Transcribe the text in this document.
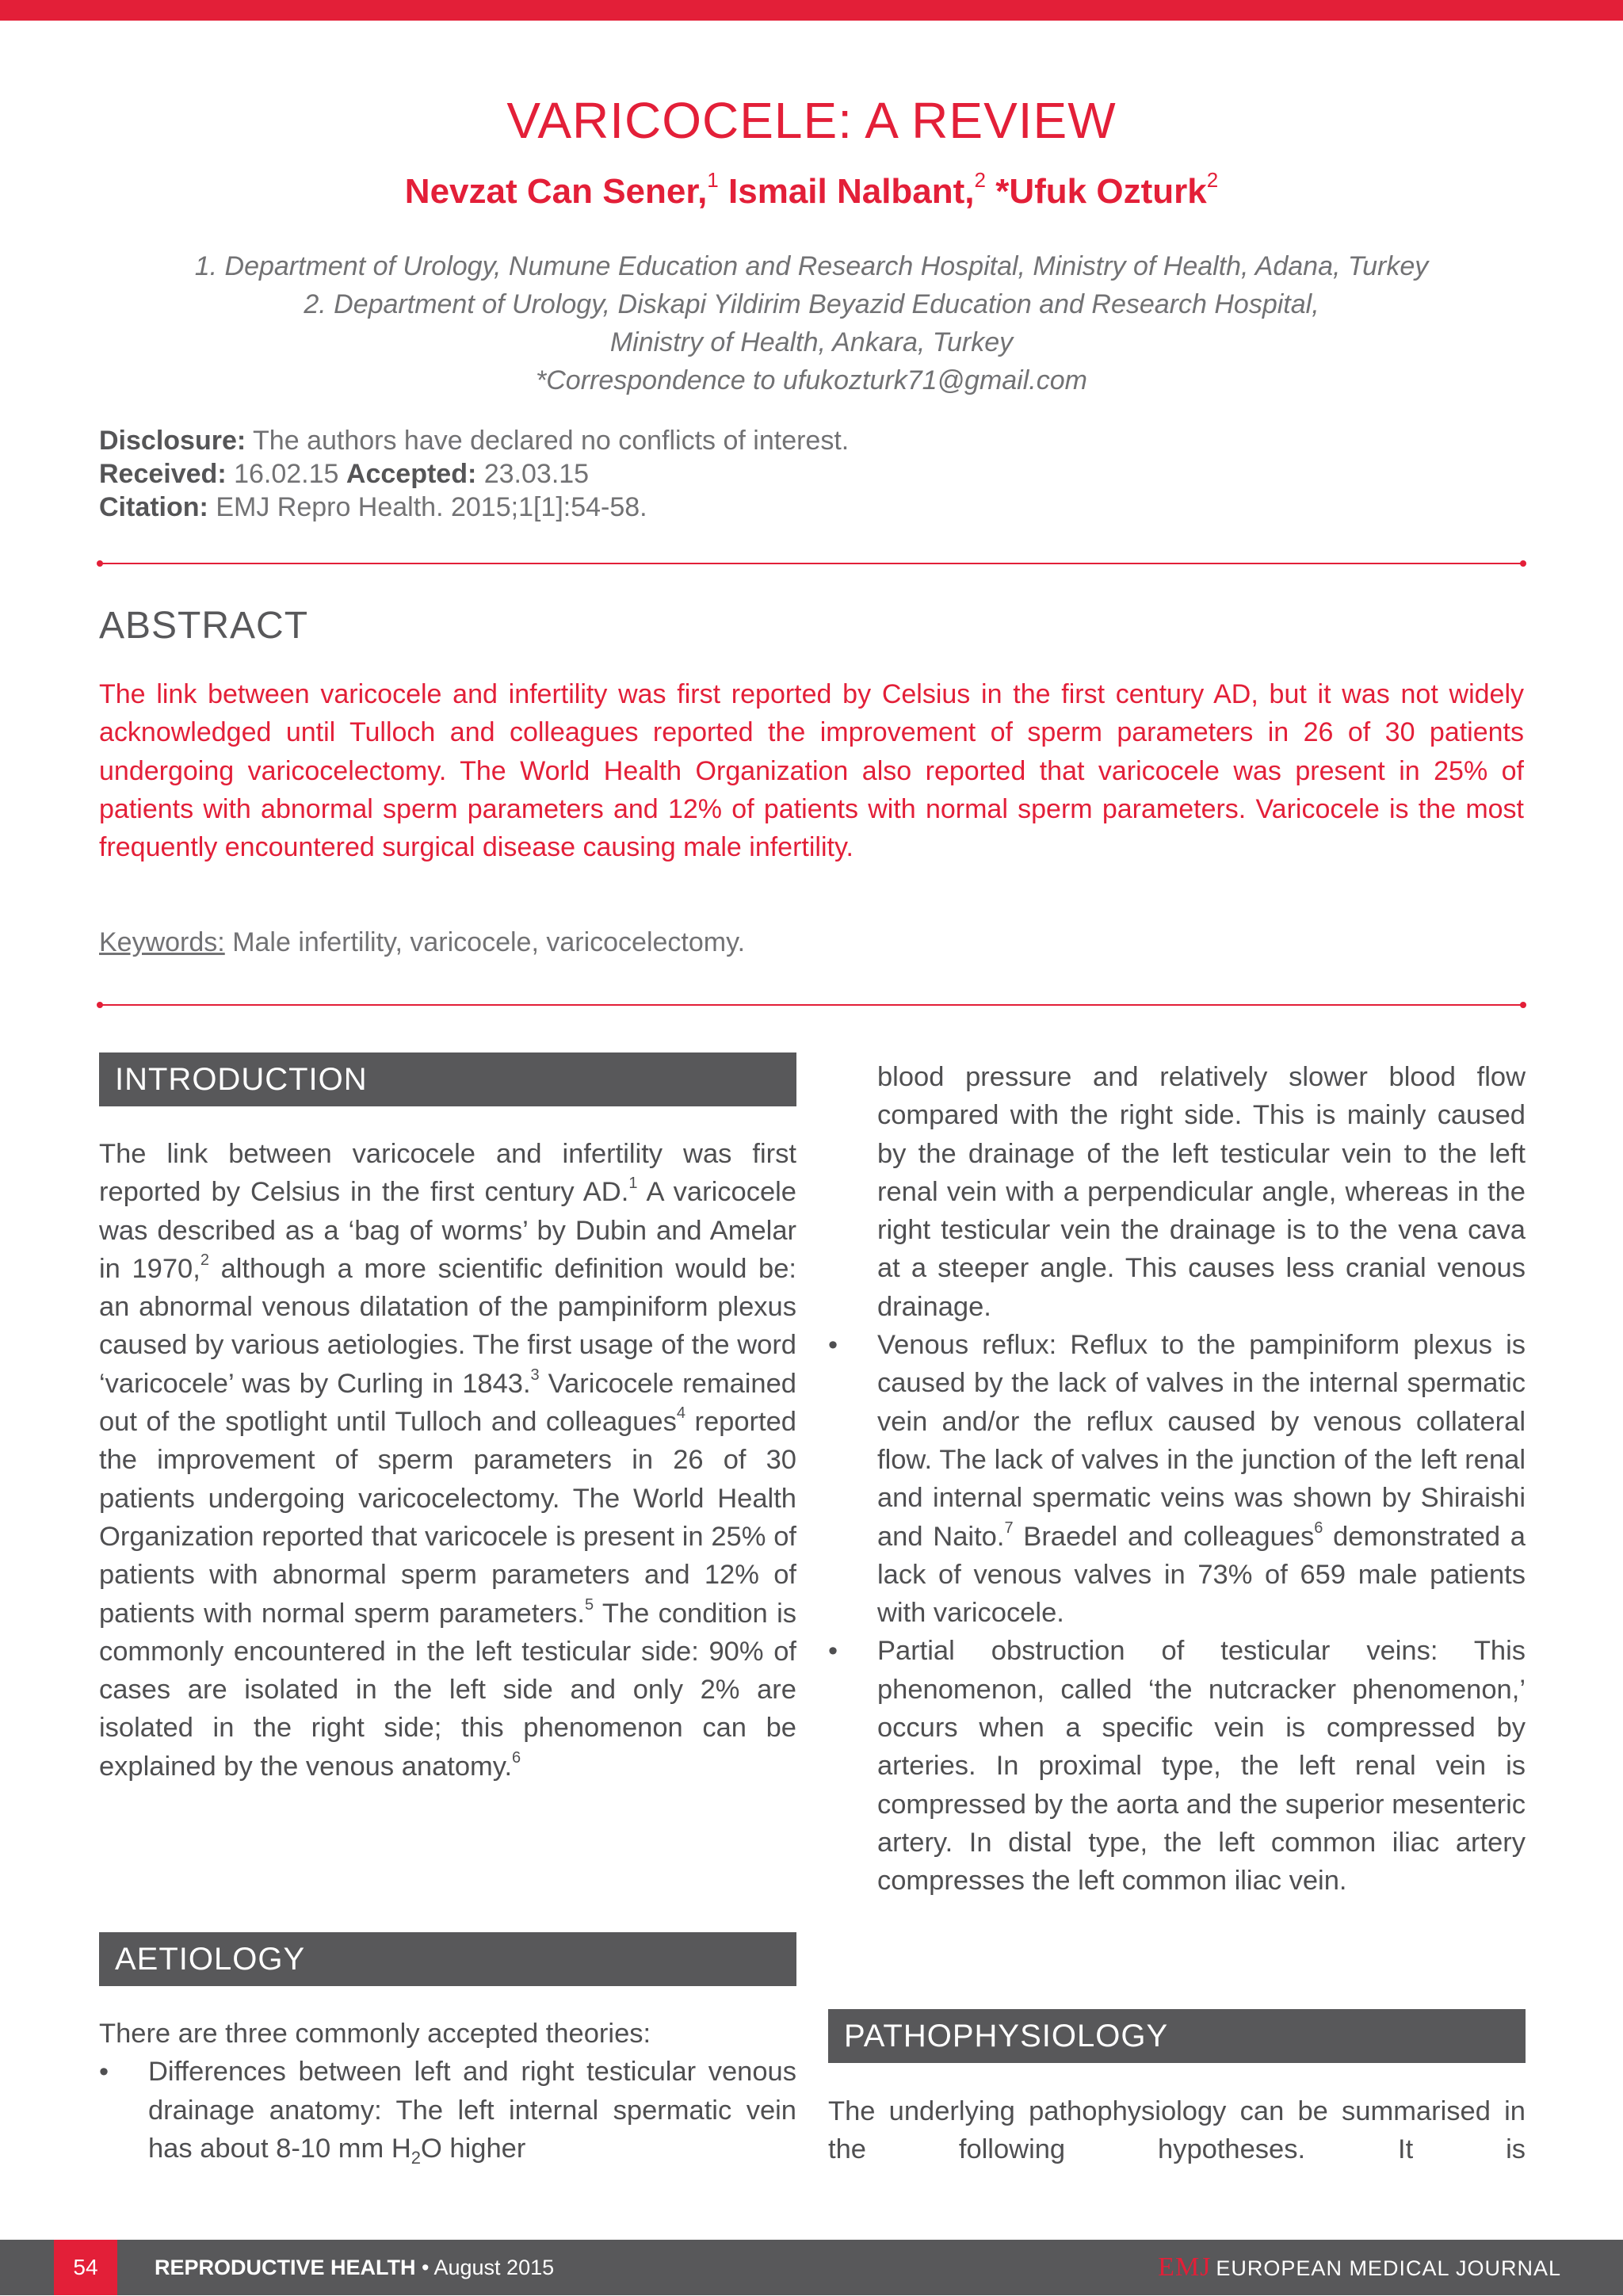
VARICOCELE: A REVIEW
Nevzat Can Sener,$^1$ Ismail Nalbant,$^2$ *Ufuk Ozturk$^2$
1. Department of Urology, Numune Education and Research Hospital, Ministry of Health, Adana, Turkey
2. Department of Urology, Diskapi Yildirim Beyazid Education and Research Hospital,
Ministry of Health, Ankara, Turkey
*Correspondence to ufukozturk71@gmail.com
Disclosure: The authors have declared no conflicts of interest.
Received: 16.02.15 Accepted: 23.03.15
Citation: EMJ Repro Health. 2015;1[1]:54-58.
ABSTRACT
The link between varicocele and infertility was first reported by Celsius in the first century AD, but it was not widely acknowledged until Tulloch and colleagues reported the improvement of sperm parameters in 26 of 30 patients undergoing varicocelectomy. The World Health Organization also reported that varicocele was present in 25% of patients with abnormal sperm parameters and 12% of patients with normal sperm parameters. Varicocele is the most frequently encountered surgical disease causing male infertility.
Keywords: Male infertility, varicocele, varicocelectomy.
INTRODUCTION

The link between varicocele and infertility was first reported by Celsius in the first century AD.$^1$ A varicocele was described as a ‘bag of worms’ by Dubin and Amelar in 1970,$^2$ although a more scientific definition would be: an abnormal venous dilatation of the pampiniform plexus caused by various aetiologies. The first usage of the word ‘varicocele’ was by Curling in 1843.$^3$ Varicocele remained out of the spotlight until Tulloch and colleagues$^4$ reported the improvement of sperm parameters in 26 of 30 patients undergoing varicocelectomy. The World Health Organization reported that varicocele is present in 25% of patients with abnormal sperm parameters and 12% of patients with normal sperm parameters.$^5$ The condition is commonly encountered in the left testicular side: 90% of cases are isolated in the left side and only 2% are isolated in the right side; this phenomenon can be explained by the venous anatomy.$^6$

AETIOLOGY

There are three commonly accepted theories:

• Differences between left and right testicular venous drainage anatomy: The left internal spermatic vein has about 8-10 mm $H_2O$ higher
blood pressure and relatively slower blood flow compared with the right side. This is mainly caused by the drainage of the left testicular vein to the left renal vein with a perpendicular angle, whereas in the right testicular vein the drainage is to the vena cava at a steeper angle. This causes less cranial venous drainage.
• Venous reflux: Reflux to the pampiniform plexus is caused by the lack of valves in the internal spermatic vein and/or the reflux caused by venous collateral flow. The lack of valves in the junction of the left renal and internal spermatic veins was shown by Shiraishi and Naito.$^7$ Braedel and colleagues$^6$ demonstrated a lack of venous valves in 73% of 659 male patients with varicocele.
• Partial obstruction of testicular veins: This phenomenon, called ‘the nutcracker phenomenon,’ occurs when a specific vein is compressed by arteries. In proximal type, the left renal vein is compressed by the aorta and the superior mesenteric artery. In distal type, the left common iliac artery compresses the left common iliac vein.
PATHOPHYSIOLOGY

The underlying pathophysiology can be summarised in the following hypotheses. It is

54	REPRODUCTIVE HEALTH • August 2015	EMJ EUROPEAN MEDICAL JOURNAL
